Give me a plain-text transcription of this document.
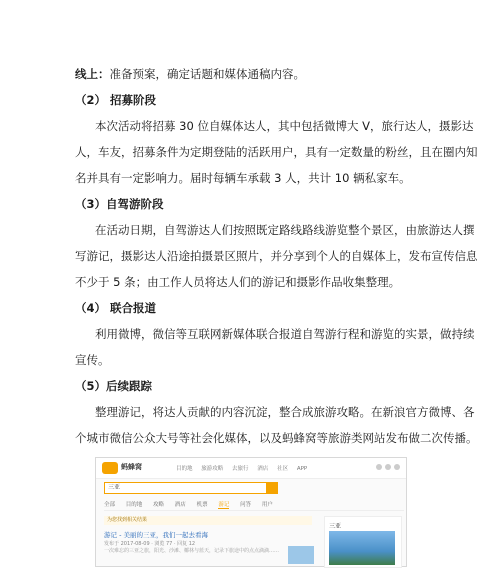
线上：准备预案，确定话题和媒体通稿内容。
（2） 招募阶段
本次活动将招募 30 位自媒体达人，其中包括微博大 V，旅行达人，摄影达
人，车友，招募条件为定期登陆的活跃用户，具有一定数量的粉丝，且在圈内知
名并具有一定影响力。届时每辆车承载 3 人，共计 10 辆私家车。
（3）自驾游阶段
在活动日期，自驾游达人们按照既定路线路线游览整个景区，由旅游达人撰
写游记，摄影达人沿途拍摄景区照片，并分享到个人的自媒体上，发布宣传信息
不少于 5 条；由工作人员将达人们的游记和摄影作品收集整理。
（4） 联合报道
利用微博，微信等互联网新媒体联合报道自驾游行程和游览的实景，做持续
宣传。
（5）后续跟踪
整理游记，将达人贡献的内容沉淀，整合成旅游攻略。在新浪官方微博、各
个城市微信公众大号等社会化媒体，以及蚂蜂窝等旅游类网站发布做二次传播。
蚂蜂窝	目的地 旅游攻略 去旅行 酒店 社区 APP
三亚
全部 目的地 攻略 酒店 机票 游记 问答 用户
为您找到相关结果
游记 - 美丽的三亚，我们一起去看海
发布于 2017-08-09 · 浏览 77 · 回复 12
一次难忘的三亚之旅，阳光、沙滩、椰林与蓝天，记录下旅途中的点点滴滴……
三亚
